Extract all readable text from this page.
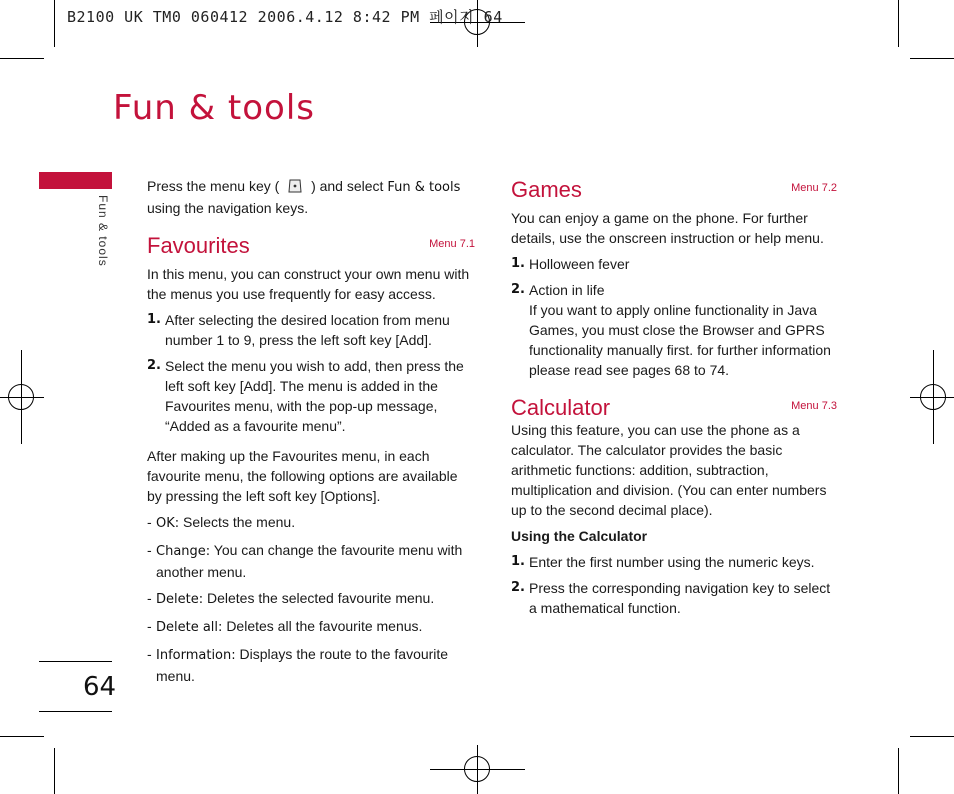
B2100 UK TM0 060412 2006.4.12 8:42 PM 페이지 64
Fun & tools
Fun & tools
64

Press the menu key ( ) and select Fun & tools using the navigation keys.

Favourites	Menu 7.1

In this menu, you can construct your own menu with the menus you use frequently for easy access.

1. After selecting the desired location from menu number 1 to 9, press the left soft key [Add].
2. Select the menu you wish to add, then press the left soft key [Add]. The menu is added in the Favourites menu, with the pop-up message, “Added as a favourite menu”.

After making up the Favourites menu, in each favourite menu, the following options are available by pressing the left soft key [Options].

- OK: Selects the menu.
- Change: You can change the favourite menu with another menu.
- Delete: Deletes the selected favourite menu.
- Delete all: Deletes all the favourite menus.
- Information: Displays the route to the favourite menu.
Games	Menu 7.2

You can enjoy a game on the phone. For further details, use the onscreen instruction or help menu.

1. Holloween fever
2. Action in life
If you want to apply online functionality in Java Games, you must close the Browser and GPRS functionality manually first. for further information please read see pages 68 to 74.
Calculator	Menu 7.3

Using this feature, you can use the phone as a calculator. The calculator provides the basic arithmetic functions: addition, subtraction, multiplication and division. (You can enter numbers up to the second decimal place).

Using the Calculator

1. Enter the first number using the numeric keys.
2. Press the corresponding navigation key to select a mathematical function.
